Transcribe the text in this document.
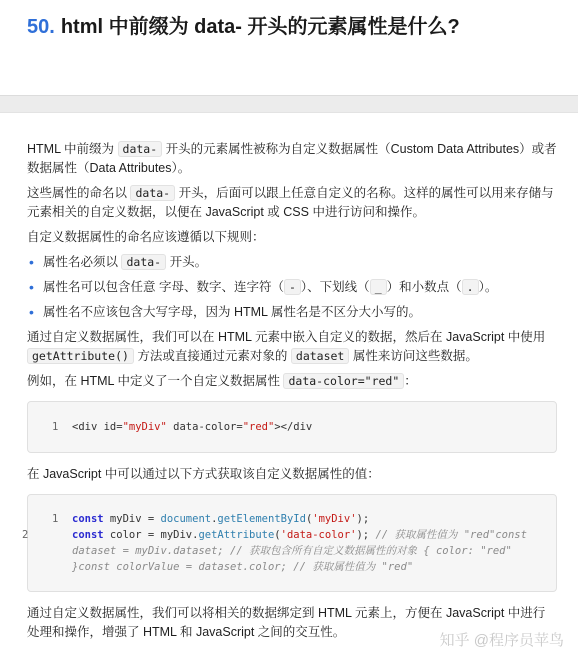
50. html 中前缀为 data- 开头的元素属性是什么?

HTML 中前缀为 data- 开头的元素属性被称为自定义数据属性（Custom Data Attributes）或者数据属性（Data Attributes）。

这些属性的命名以 data- 开头，后面可以跟上任意自定义的名称。这样的属性可以用来存储与元素相关的自定义数据，以便在 JavaScript 或 CSS 中进行访问和操作。

自定义数据属性的命名应该遵循以下规则：

• 属性名必须以 data- 开头。
• 属性名可以包含任意 字母、数字、连字符（ - ）、下划线（ _ ）和小数点（ . ）。
• 属性名不应该包含大写字母，因为 HTML 属性名是不区分大小写的。

通过自定义数据属性，我们可以在 HTML 元素中嵌入自定义的数据，然后在 JavaScript 中使用 getAttribute() 方法或直接通过元素对象的 dataset 属性来访问这些数据。

例如，在 HTML 中定义了一个自定义数据属性 data-color="red" ：

1 <div id="myDiv" data-color="red"></div

在 JavaScript 中可以通过以下方式获取该自定义数据属性的值：

1 const myDiv = document.getElementById('myDiv');
2	const color = myDiv.getAttribute('data-color'); // 获取属性值为 "red"const dataset = myDiv.dataset; // 获取包含所有自定义数据属性的对象 { color: "red" }const colorValue = dataset.color; // 获取属性值为 "red"

通过自定义数据属性，我们可以将相关的数据绑定到 HTML 元素上，方便在 JavaScript 中进行处理和操作，增强了 HTML 和 JavaScript 之间的交互性。	知乎 @程序员苹鸟
